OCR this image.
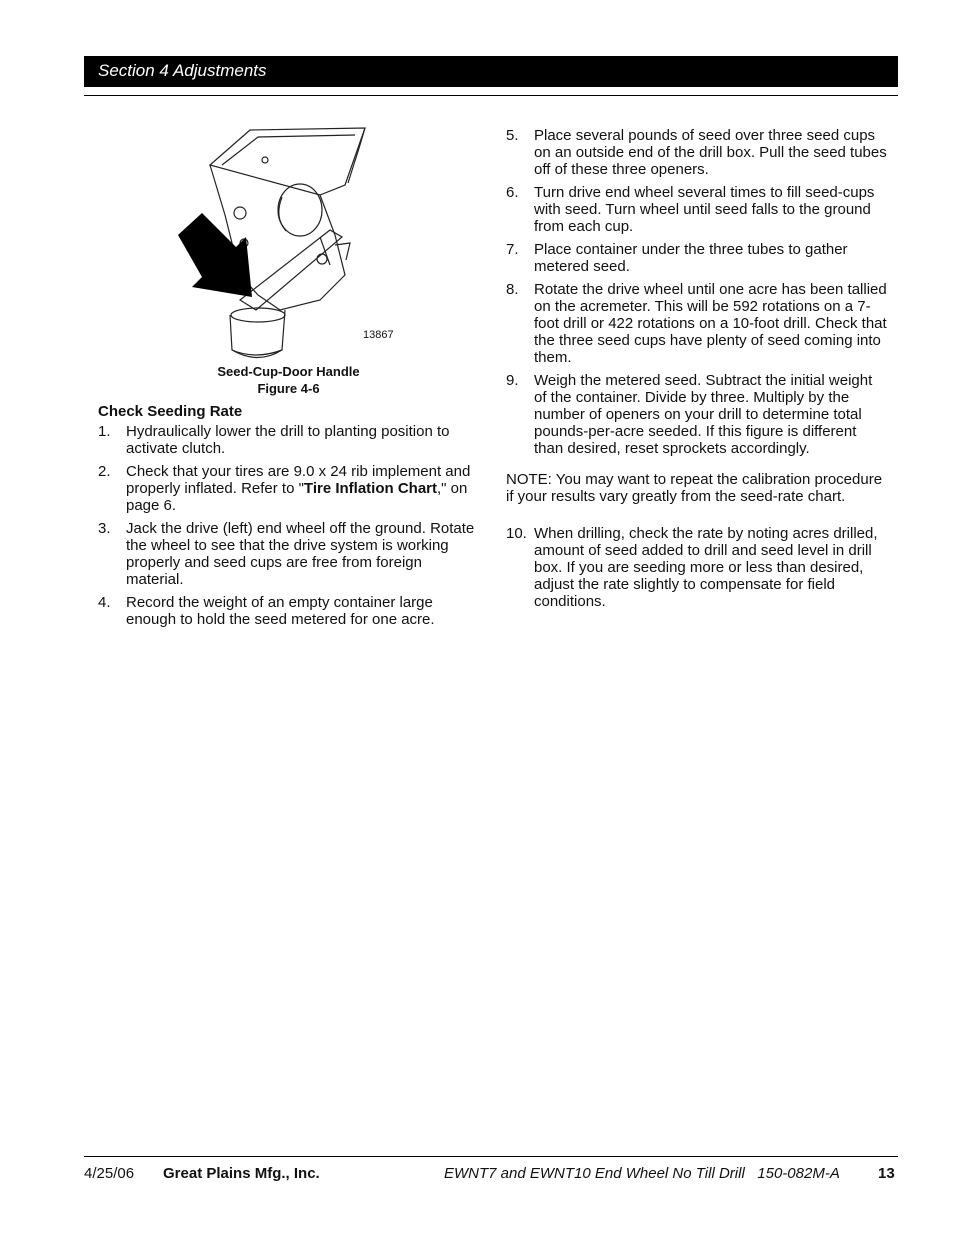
Section 4 Adjustments
13867
Seed-Cup-Door Handle
Figure 4-6
Check Seeding Rate
1. Hydraulically lower the drill to planting position to activate clutch.
2. Check that your tires are 9.0 x 24 rib implement and properly inflated. Refer to "Tire Inflation Chart," on page 6.
3. Jack the drive (left) end wheel off the ground. Rotate the wheel to see that the drive system is working properly and seed cups are free from foreign material.
4. Record the weight of an empty container large enough to hold the seed metered for one acre.
5. Place several pounds of seed over three seed cups on an outside end of the drill box. Pull the seed tubes off of these three openers.
6. Turn drive end wheel several times to fill seed-cups with seed. Turn wheel until seed falls to the ground from each cup.
7. Place container under the three tubes to gather metered seed.
8. Rotate the drive wheel until one acre has been tallied on the acremeter. This will be 592 rotations on a 7-foot drill or 422 rotations on a 10-foot drill. Check that the three seed cups have plenty of seed coming into them.
9. Weigh the metered seed. Subtract the initial weight of the container. Divide by three. Multiply by the number of openers on your drill to determine total pounds-per-acre seeded. If this figure is different than desired, reset sprockets accordingly.
NOTE: You may want to repeat the calibration procedure if your results vary greatly from the seed-rate chart.
10. When drilling, check the rate by noting acres drilled, amount of seed added to drill and seed level in drill box. If you are seeding more or less than desired, adjust the rate slightly to compensate for field conditions.
4/25/06 Great Plains Mfg., Inc.	EWNT7 and EWNT10 End Wheel No Till Drill   150-082M-A	13
